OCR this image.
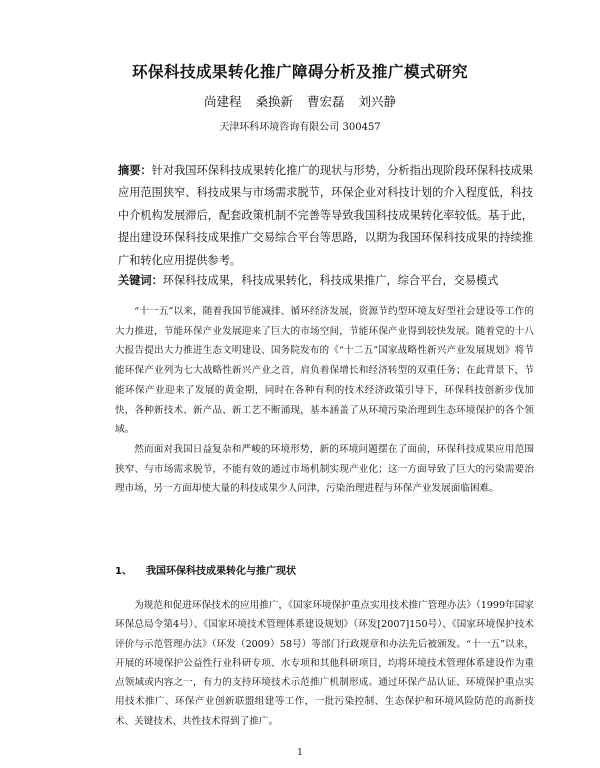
环保科技成果转化推广障碍分析及推广模式研究
尚建程 桑换新 曹宏磊 刘兴静
天津环科环境咨询有限公司 300457
摘要：针对我国环保科技成果转化推广的现状与形势，分析指出现阶段环保科技成果应用范围狭窄、科技成果与市场需求脱节，环保企业对科技计划的介入程度低，科技中介机构发展滞后，配套政策机制不完善等导致我国科技成果转化率较低。基于此，提出建设环保科技成果推广交易综合平台等思路，以期为我国环保科技成果的持续推广和转化应用提供参考。
关键词：环保科技成果，科技成果转化，科技成果推广，综合平台，交易模式

“十一五”以来，随着我国节能减排、循环经济发展，资源节约型环境友好型社会建设等工作的大力推进，节能环保产业发展迎来了巨大的市场空间，节能环保产业得到较快发展。随着党的十八大报告提出大力推进生态文明建设、国务院发布的《“十二五”国家战略性新兴产业发展规划》将节能环保产业列为七大战略性新兴产业之首，肩负着保增长和经济转型的双重任务；在此背景下，节能环保产业迎来了发展的黄金期，同时在各种有利的技术经济政策引导下，环保科技创新步伐加快，各种新技术、新产品、新工艺不断涌现，基本涵盖了从环境污染治理到生态环境保护的各个领域。

然而面对我国日益复杂和严峻的环境形势，新的环境问题摆在了面前，环保科技成果应用范围狭窄、与市场需求脱节，不能有效的通过市场机制实现产业化；这一方面导致了巨大的污染需要治理市场，另一方面却使大量的科技成果少人问津，污染治理进程与环保产业发展面临困难。

1、 我国环保科技成果转化与推广现状

为规范和促进环保技术的应用推广，《国家环境保护重点实用技术推广管理办法》（1999年国家环保总局令第4号）、《国家环境技术管理体系建设规划》（环发[2007]150号）、《国家环境保护技术评价与示范管理办法》（环发（2009）58号）等部门行政规章和办法先后被颁发。“十一五”以来，开展的环境保护公益性行业科研专项、水专项和其他科研项目，均将环境技术管理体系建设作为重点领域或内容之一，有力的支持环境技术示范推广机制形成。通过环保产品认证、环境保护重点实用技术推广、环保产业创新联盟组建等工作，一批污染控制、生态保护和环境风险防范的高新技术、关键技术、共性技术得到了推广。

1
